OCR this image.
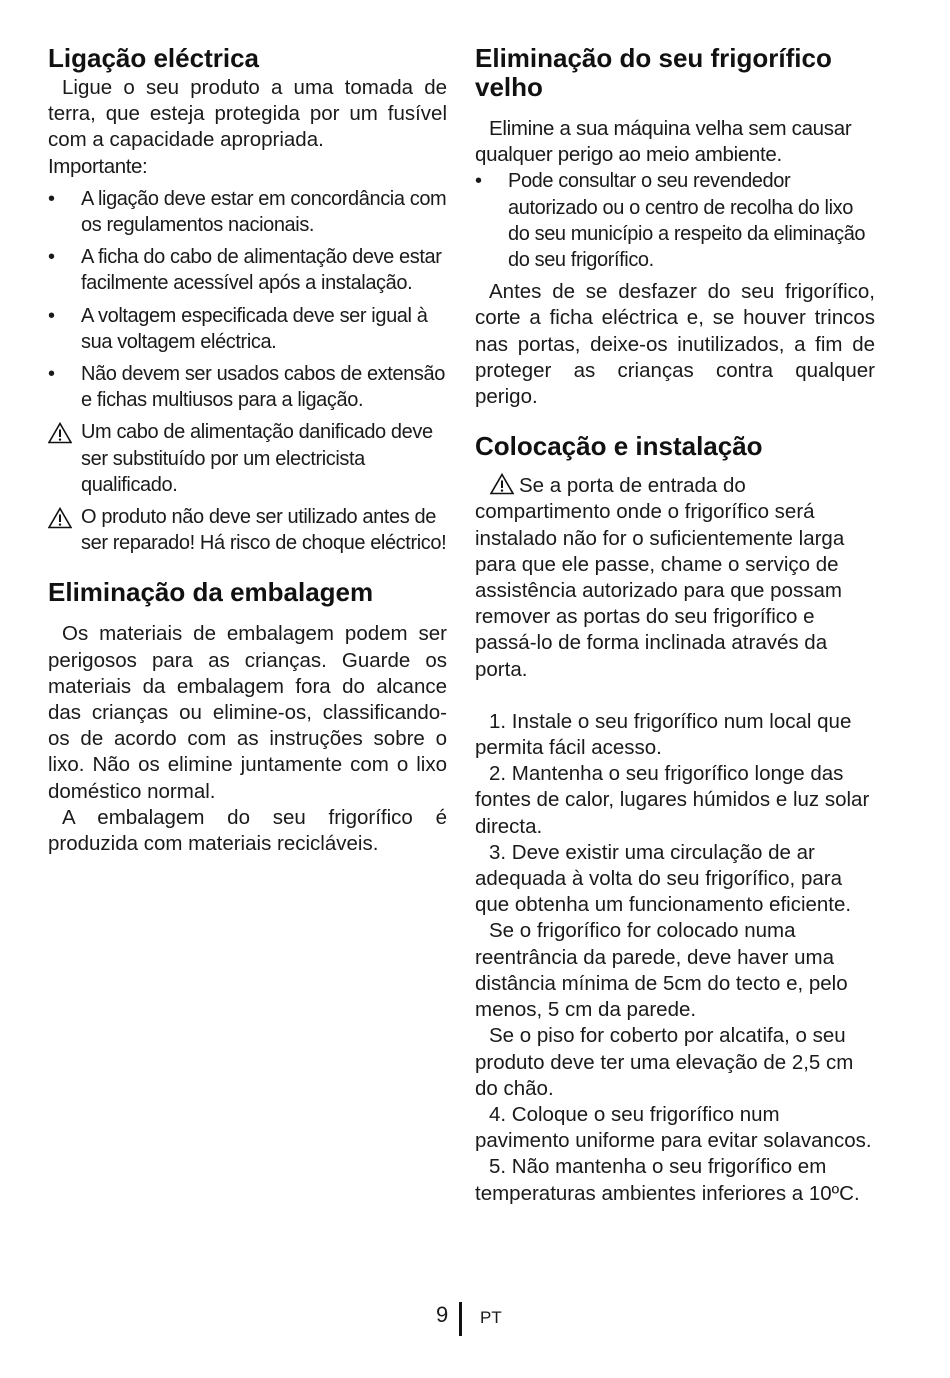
Ligação eléctrica

Ligue o seu produto a uma tomada de terra, que esteja protegida por um fusível com a capacidade apropriada.

Importante:

• A ligação deve estar em concordância com os regulamentos nacionais.
• A ficha do cabo de alimentação deve estar facilmente acessível após a instalação.
• A voltagem especificada deve ser igual à sua voltagem eléctrica.
• Não devem ser usados cabos de extensão e fichas multiusos para a ligação.
Um cabo de alimentação danificado deve ser substituído por um electricista qualificado.
O produto não deve ser utilizado antes de ser reparado! Há risco de choque eléctrico!
Eliminação da embalagem

Os materiais de embalagem podem ser perigosos para as crianças. Guarde os materiais da embalagem fora do alcance das crianças ou elimine-os, classificando-os de acordo com as instruções sobre o lixo. Não os elimine juntamente com o lixo doméstico normal.

A embalagem do seu frigorífico é produzida com materiais recicláveis.

Eliminação do seu frigorífico velho

Elimine a sua máquina velha sem causar qualquer perigo ao meio ambiente.

• Pode consultar o seu revendedor autorizado ou o centro de recolha do lixo do seu município a respeito da eliminação do seu frigorífico.

Antes de se desfazer do seu frigorífico, corte a ficha eléctrica e, se houver trincos nas portas, deixe-os inutilizados, a fim de proteger as crianças contra qualquer perigo.

Colocação e instalação

Se a porta de entrada do compartimento onde o frigorífico será instalado não for o suficientemente larga para que ele passe, chame o serviço de assistência autorizado para que possam remover as portas do seu frigorífico e passá-lo de forma inclinada através da porta.

1. Instale o seu frigorífico num local que permita fácil acesso.

2. Mantenha o seu frigorífico longe das fontes de calor, lugares húmidos e luz solar directa.

3. Deve existir uma circulação de ar adequada à volta do seu frigorífico, para que obtenha um funcionamento eficiente.

Se o frigorífico for colocado numa reentrância da parede, deve haver uma distância mínima de 5cm do tecto e, pelo menos, 5 cm da parede.

Se o piso for coberto por alcatifa, o seu produto deve ter uma elevação de 2,5 cm do chão.

4. Coloque o seu frigorífico num pavimento uniforme para evitar solavancos.

5. Não mantenha o seu frigorífico em temperaturas ambientes inferiores a 10ºC.

9 PT
